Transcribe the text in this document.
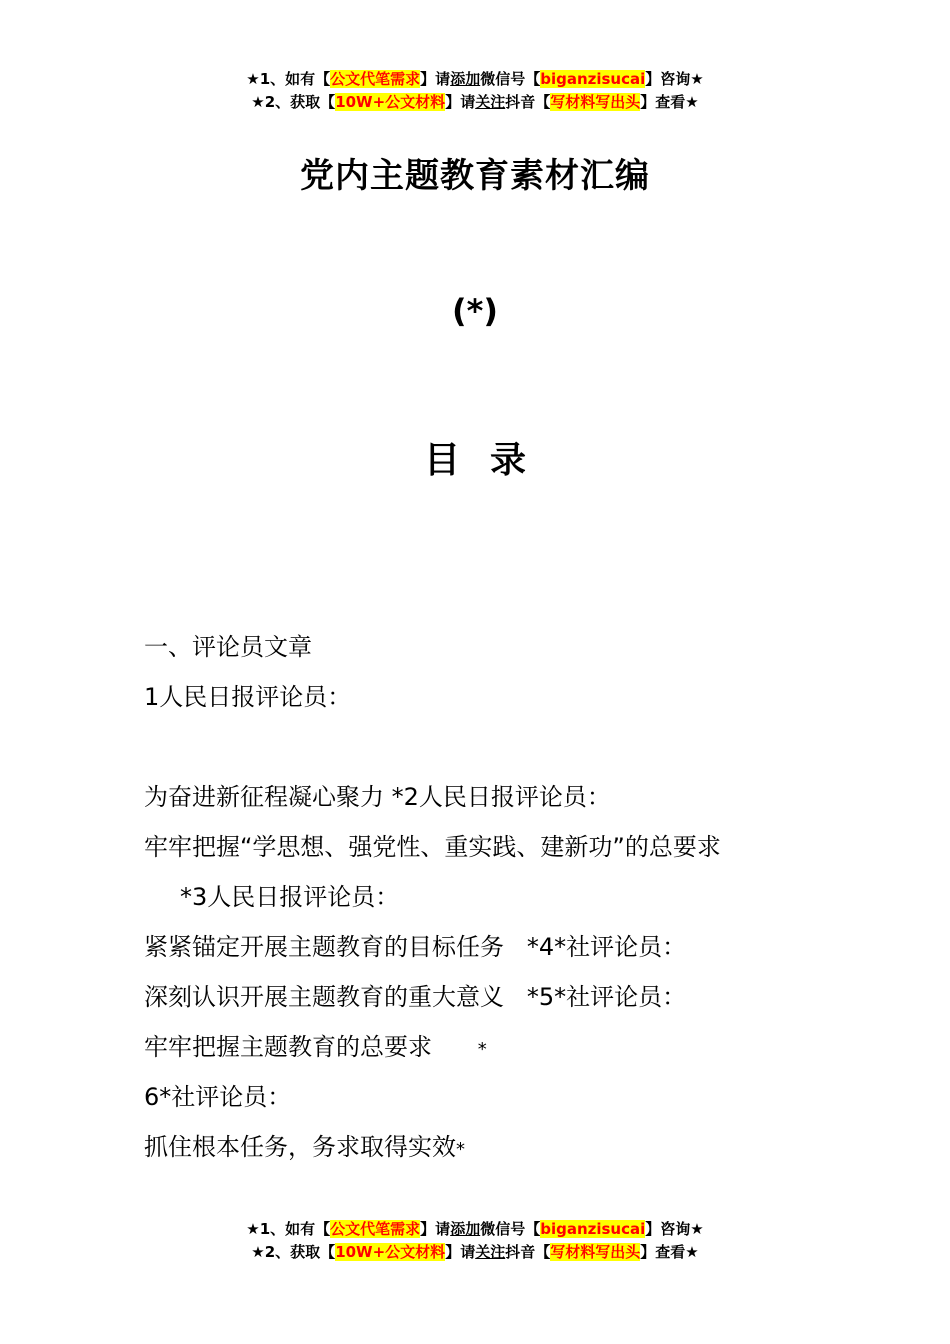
★1、如有【公文代笔需求】请添加微信号【biganzisucai】咨询★
★2、获取【10W+公文材料】请关注抖音【写材料写出头】查看★
党内主题教育素材汇编
(*)
目录
一、评论员文章
1人民日报评论员：
为奋进新征程凝心聚力 *2人民日报评论员：
牢牢把握“学思想、强党性、重实践、建新功”的总要求
*3人民日报评论员：
紧紧锚定开展主题教育的目标任务 *4*社评论员：
深刻认识开展主题教育的重大意义 *5*社评论员：
牢牢把握主题教育的总要求	*
6*社评论员：
抓住根本任务，务求取得实效*
★1、如有【公文代笔需求】请添加微信号【biganzisucai】咨询★
★2、获取【10W+公文材料】请关注抖音【写材料写出头】查看★
